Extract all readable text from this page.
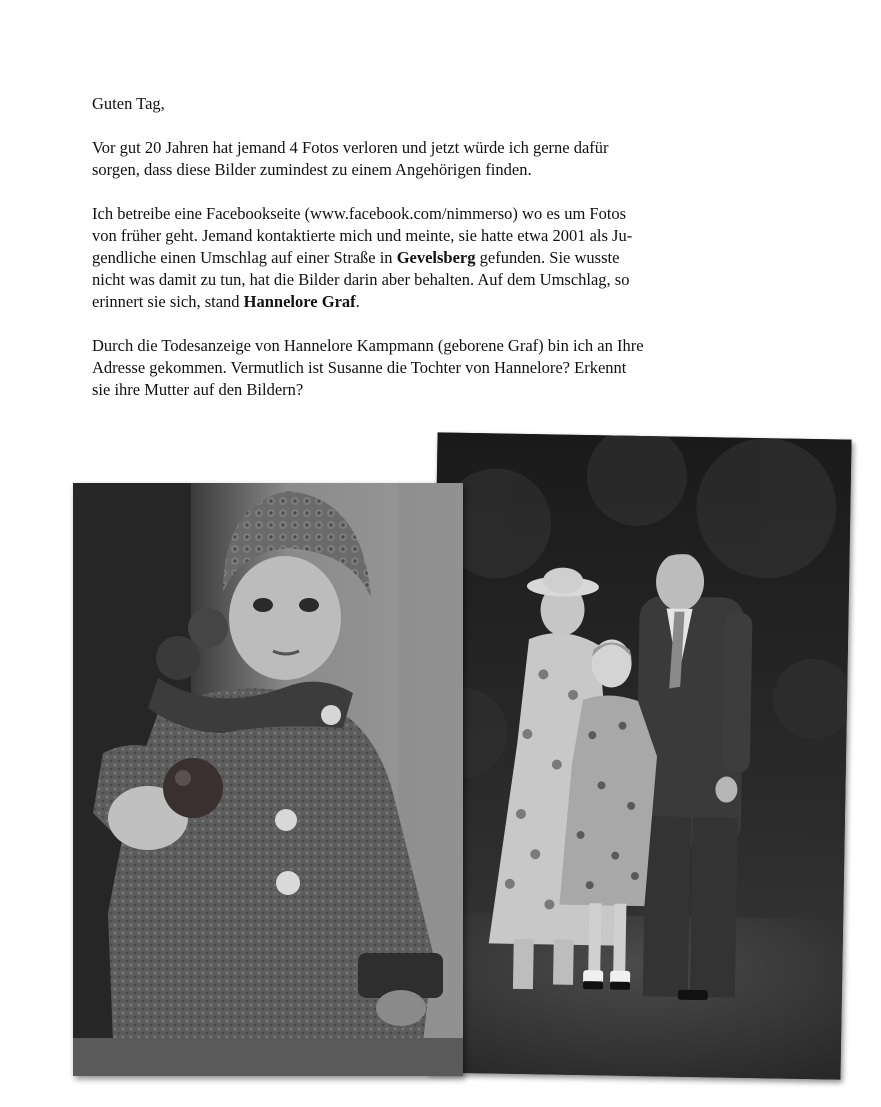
Guten Tag,

Vor gut 20 Jahren hat jemand 4 Fotos verloren und jetzt würde ich gerne dafür
sorgen, dass diese Bilder zumindest zu einem Angehörigen finden.

Ich betreibe eine Facebookseite (www.facebook.com/nimmerso) wo es um Fotos
von früher geht. Jemand kontaktierte mich und meinte, sie hatte etwa 2001 als Ju-
gendliche einen Umschlag auf einer Straße in Gevelsberg gefunden. Sie wusste
nicht was damit zu tun, hat die Bilder darin aber behalten. Auf dem Umschlag, so
erinnert sie sich, stand Hannelore Graf.

Durch die Todesanzeige von Hannelore Kampmann (geborene Graf) bin ich an Ihre
Adresse gekommen. Vermutlich ist Susanne die Tochter von Hannelore? Erkennt
sie ihre Mutter auf den Bildern?
